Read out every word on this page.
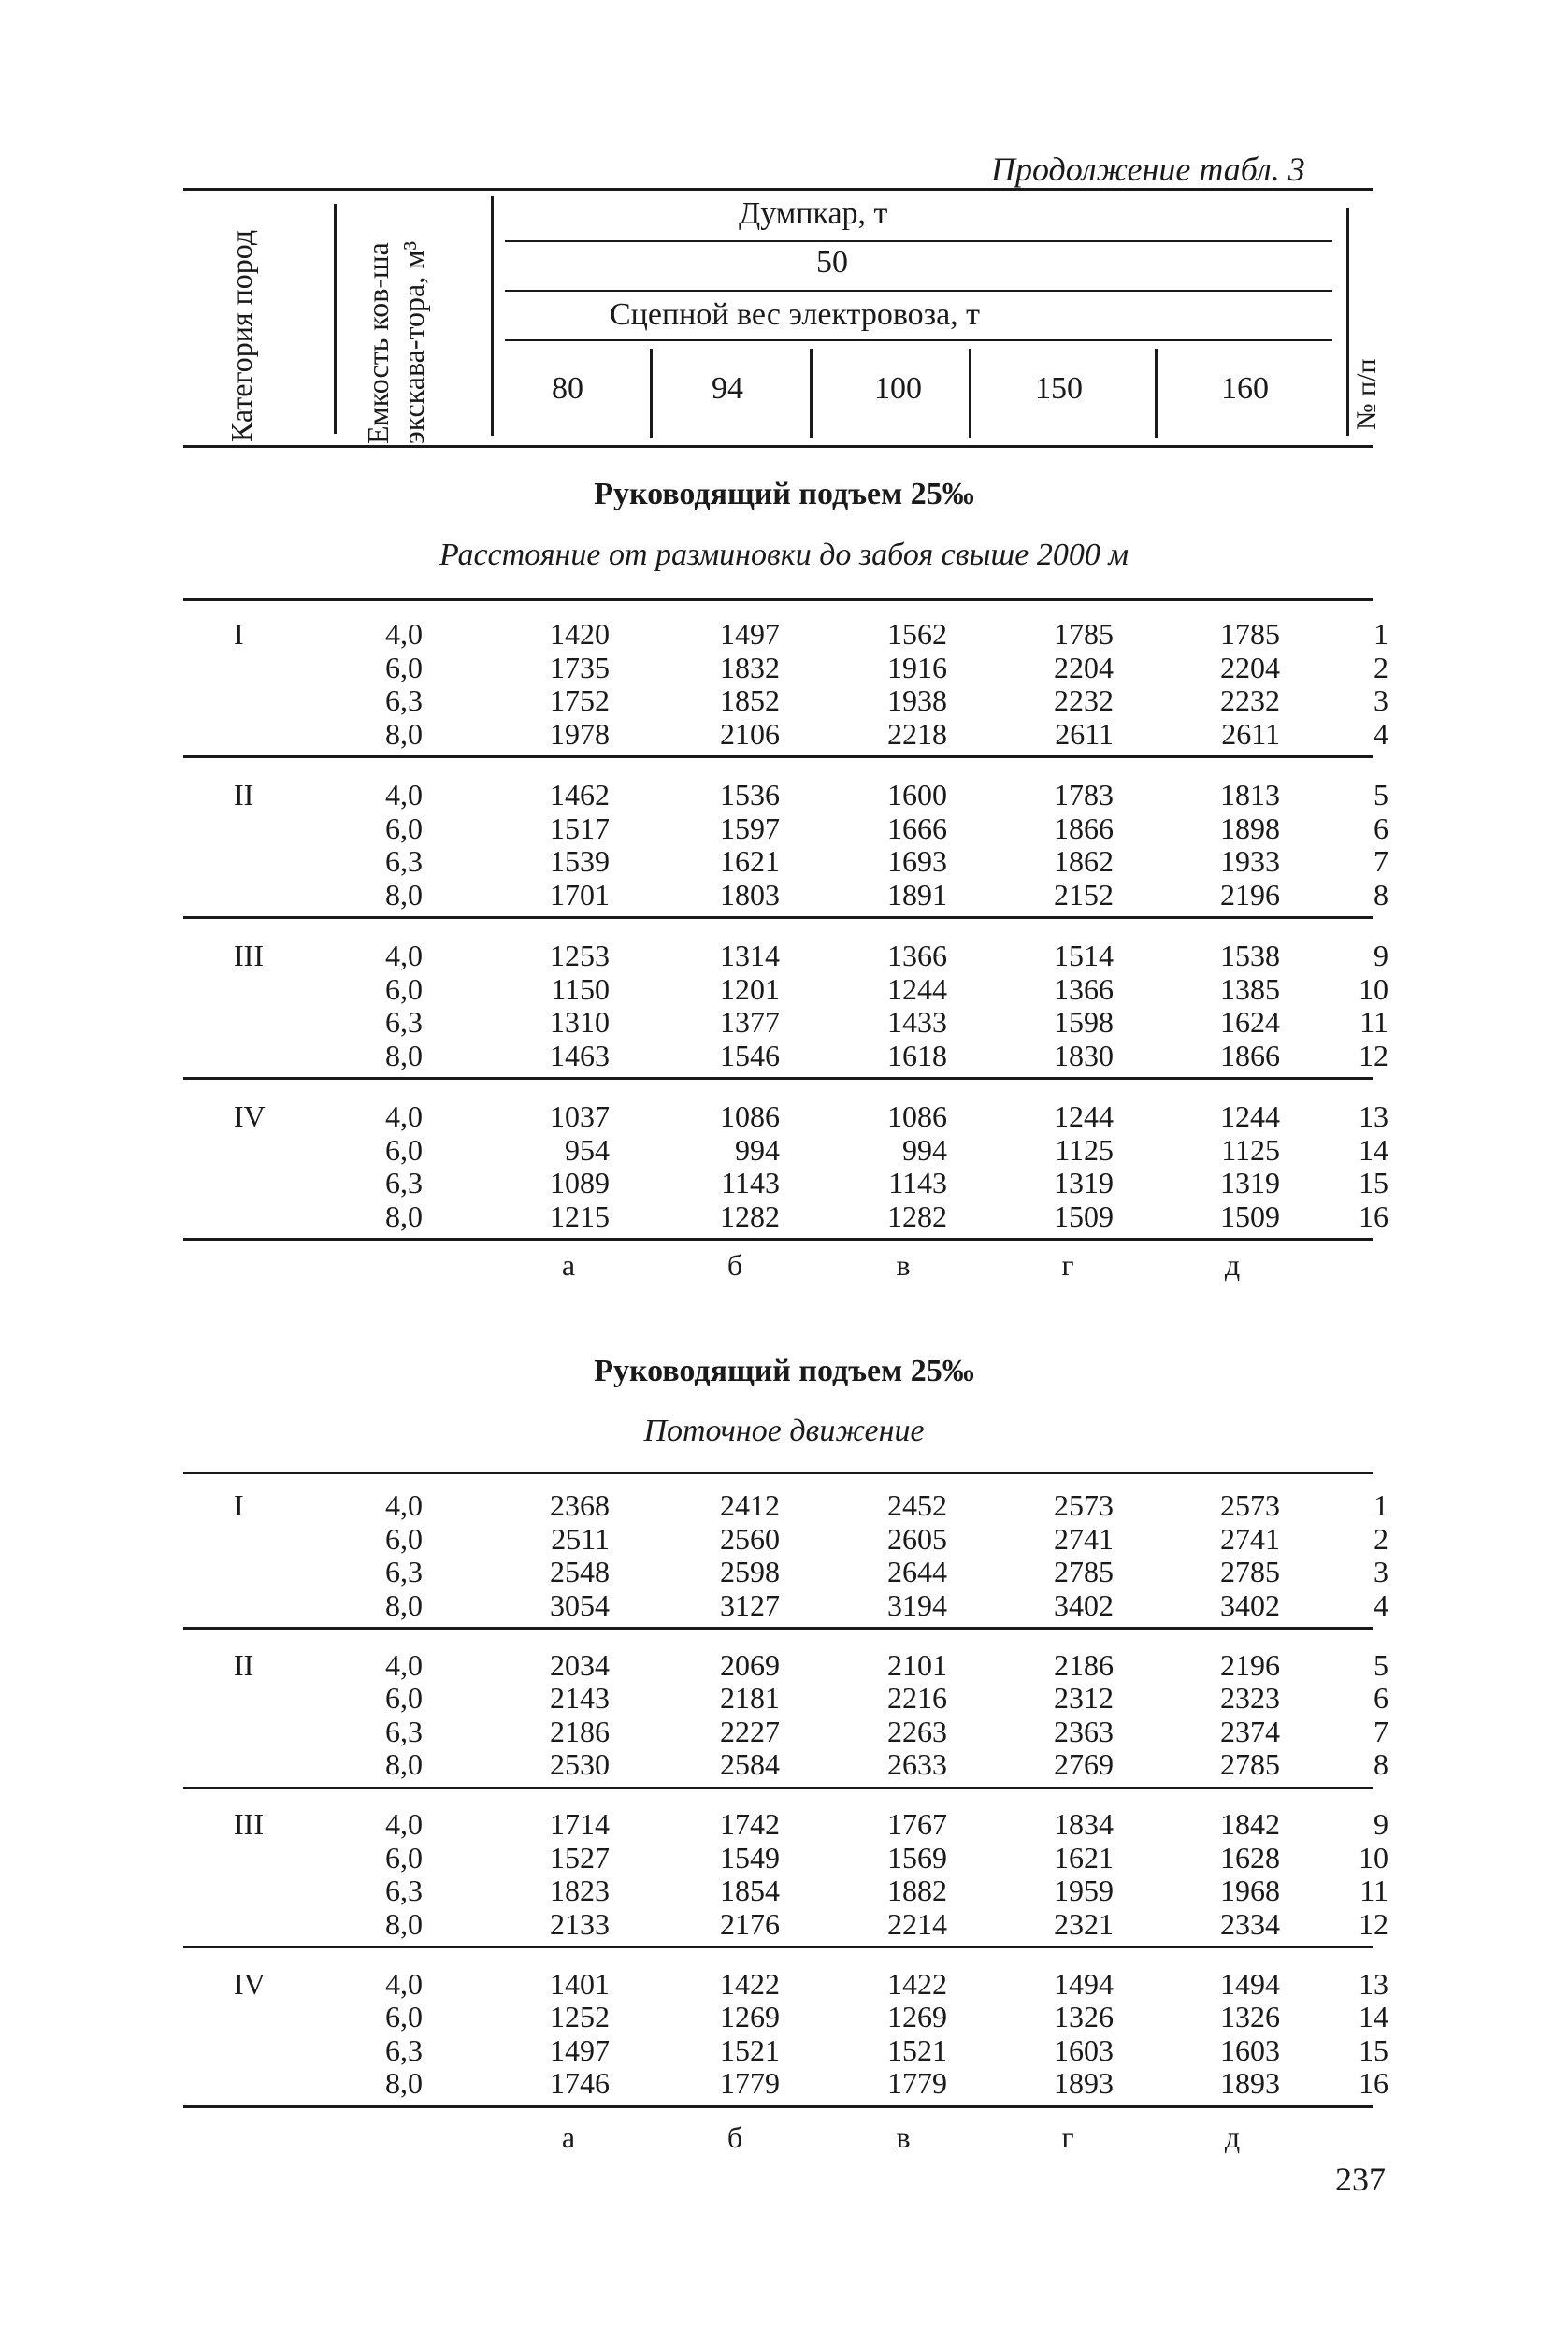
Продолжение табл. 3
Категория пород	Емкость ков-ша экскава-тора, м³
Думпкар, т
50
Сцепной вес электровоза, т
80	94	100	150	160	№ п/п
Руководящий подъем 25‰
Расстояние от разминовки до забоя свыше 2000 м
I	4,0	1420	1497	1562	1785	1785	1
6,0	1735	1832	1916	2204	2204	2
6,3	1752	1852	1938	2232	2232	3
8,0	1978	2106	2218	2611	2611	4
II	4,0	1462	1536	1600	1783	1813	5
6,0	1517	1597	1666	1866	1898	6
6,3	1539	1621	1693	1862	1933	7
8,0	1701	1803	1891	2152	2196	8
III	4,0	1253	1314	1366	1514	1538	9
6,0	1150	1201	1244	1366	1385	10
6,3	1310	1377	1433	1598	1624	11
8,0	1463	1546	1618	1830	1866	12
IV	4,0	1037	1086	1086	1244	1244	13
6,0	954	994	994	1125	1125	14
6,3	1089	1143	1143	1319	1319	15
8,0	1215	1282	1282	1509	1509	16
а	б	в	г	д
Руководящий подъем 25‰
Поточное движение
I	4,0	2368	2412	2452	2573	2573	1
6,0	2511	2560	2605	2741	2741	2
6,3	2548	2598	2644	2785	2785	3
8,0	3054	3127	3194	3402	3402	4
II	4,0	2034	2069	2101	2186	2196	5
6,0	2143	2181	2216	2312	2323	6
6,3	2186	2227	2263	2363	2374	7
8,0	2530	2584	2633	2769	2785	8
III	4,0	1714	1742	1767	1834	1842	9
6,0	1527	1549	1569	1621	1628	10
6,3	1823	1854	1882	1959	1968	11
8,0	2133	2176	2214	2321	2334	12
IV	4,0	1401	1422	1422	1494	1494	13
6,0	1252	1269	1269	1326	1326	14
6,3	1497	1521	1521	1603	1603	15
8,0	1746	1779	1779	1893	1893	16
а	б	в	г	д
237
